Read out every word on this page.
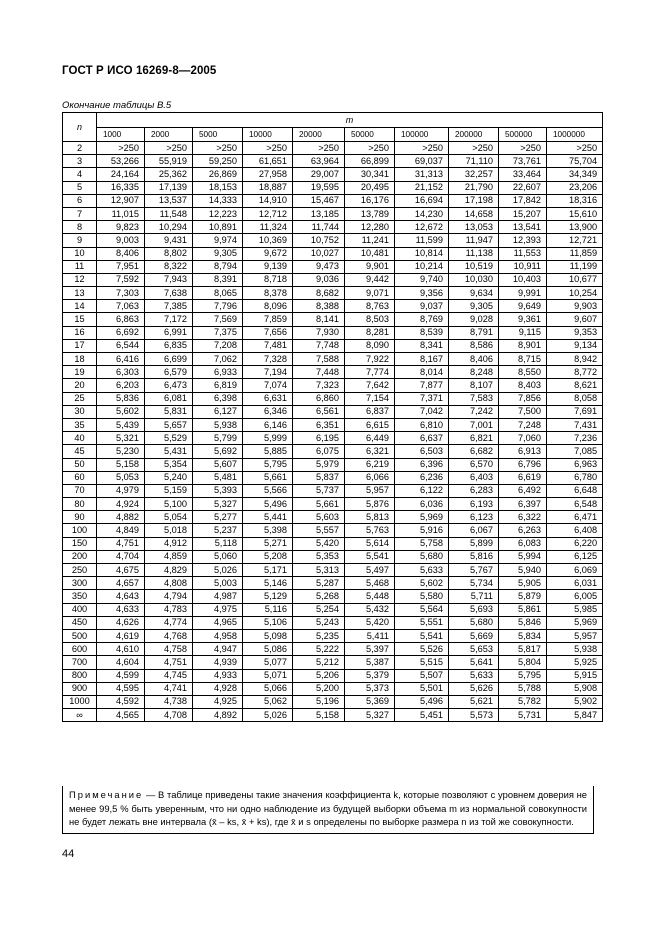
ГОСТ Р ИСО 16269-8—2005
Окончание таблицы В.5
n	m									
	1000	2000	5000	10000	20000	50000	100000	200000	500000	1000000
2	>250	>250	>250	>250	>250	>250	>250	>250	>250	>250
3	53,266	55,919	59,250	61,651	63,964	66,899	69,037	71,110	73,761	75,704
4	24,164	25,362	26,869	27,958	29,007	30,341	31,313	32,257	33,464	34,349
5	16,335	17,139	18,153	18,887	19,595	20,495	21,152	21,790	22,607	23,206
6	12,907	13,537	14,333	14,910	15,467	16,176	16,694	17,198	17,842	18,316
7	11,015	11,548	12,223	12,712	13,185	13,789	14,230	14,658	15,207	15,610
8	9,823	10,294	10,891	11,324	11,744	12,280	12,672	13,053	13,541	13,900
9	9,003	9,431	9,974	10,369	10,752	11,241	11,599	11,947	12,393	12,721
10	8,406	8,802	9,305	9,672	10,027	10,481	10,814	11,138	11,553	11,859
11	7,951	8,322	8,794	9,139	9,473	9,901	10,214	10,519	10,911	11,199
12	7,592	7,943	8,391	8,718	9,036	9,442	9,740	10,030	10,403	10,677
13	7,303	7,638	8,065	8,378	8,682	9,071	9,356	9,634	9,991	10,254
14	7,063	7,385	7,796	8,096	8,388	8,763	9,037	9,305	9,649	9,903
15	6,863	7,172	7,569	7,859	8,141	8,503	8,769	9,028	9,361	9,607
16	6,692	6,991	7,375	7,656	7,930	8,281	8,539	8,791	9,115	9,353
17	6,544	6,835	7,208	7,481	7,748	8,090	8,341	8,586	8,901	9,134
18	6,416	6,699	7,062	7,328	7,588	7,922	8,167	8,406	8,715	8,942
19	6,303	6,579	6,933	7,194	7,448	7,774	8,014	8,248	8,550	8,772
20	6,203	6,473	6,819	7,074	7,323	7,642	7,877	8,107	8,403	8,621
25	5,836	6,081	6,398	6,631	6,860	7,154	7,371	7,583	7,856	8,058
30	5,602	5,831	6,127	6,346	6,561	6,837	7,042	7,242	7,500	7,691
35	5,439	5,657	5,938	6,146	6,351	6,615	6,810	7,001	7,248	7,431
40	5,321	5,529	5,799	5,999	6,195	6,449	6,637	6,821	7,060	7,236
45	5,230	5,431	5,692	5,885	6,075	6,321	6,503	6,682	6,913	7,085
50	5,158	5,354	5,607	5,795	5,979	6,219	6,396	6,570	6,796	6,963
60	5,053	5,240	5,481	5,661	5,837	6,066	6,236	6,403	6,619	6,780
70	4,979	5,159	5,393	5,566	5,737	5,957	6,122	6,283	6,492	6,648
80	4,924	5,100	5,327	5,496	5,661	5,876	6,036	6,193	6,397	6,548
90	4,882	5,054	5,277	5,441	5,603	5,813	5,969	6,123	6,322	6,471
100	4,849	5,018	5,237	5,398	5,557	5,763	5,916	6,067	6,263	6,408
150	4,751	4,912	5,118	5,271	5,420	5,614	5,758	5,899	6,083	6,220
200	4,704	4,859	5,060	5,208	5,353	5,541	5,680	5,816	5,994	6,125
250	4,675	4,829	5,026	5,171	5,313	5,497	5,633	5,767	5,940	6,069
300	4,657	4,808	5,003	5,146	5,287	5,468	5,602	5,734	5,905	6,031
350	4,643	4,794	4,987	5,129	5,268	5,448	5,580	5,711	5,879	6,005
400	4,633	4,783	4,975	5,116	5,254	5,432	5,564	5,693	5,861	5,985
450	4,626	4,774	4,965	5,106	5,243	5,420	5,551	5,680	5,846	5,969
500	4,619	4,768	4,958	5,098	5,235	5,411	5,541	5,669	5,834	5,957
600	4,610	4,758	4,947	5,086	5,222	5,397	5,526	5,653	5,817	5,938
700	4,604	4,751	4,939	5,077	5,212	5,387	5,515	5,641	5,804	5,925
800	4,599	4,745	4,933	5,071	5,206	5,379	5,507	5,633	5,795	5,915
900	4,595	4,741	4,928	5,066	5,200	5,373	5,501	5,626	5,788	5,908
1000	4,592	4,738	4,925	5,062	5,196	5,369	5,496	5,621	5,782	5,902
∞	4,565	4,708	4,892	5,026	5,158	5,327	5,451	5,573	5,731	5,847
Примечание — В таблице приведены такие значения коэффициента k, которые позволяют с уровнем доверия не менее 99,5 % быть уверенным, что ни одно наблюдение из будущей выборки объема m из нормальной совокупности не будет лежать вне интервала (x̄ – ks, x̄ + ks), где x̄ и s определены по выборке размера n из той же совокупности.
44
